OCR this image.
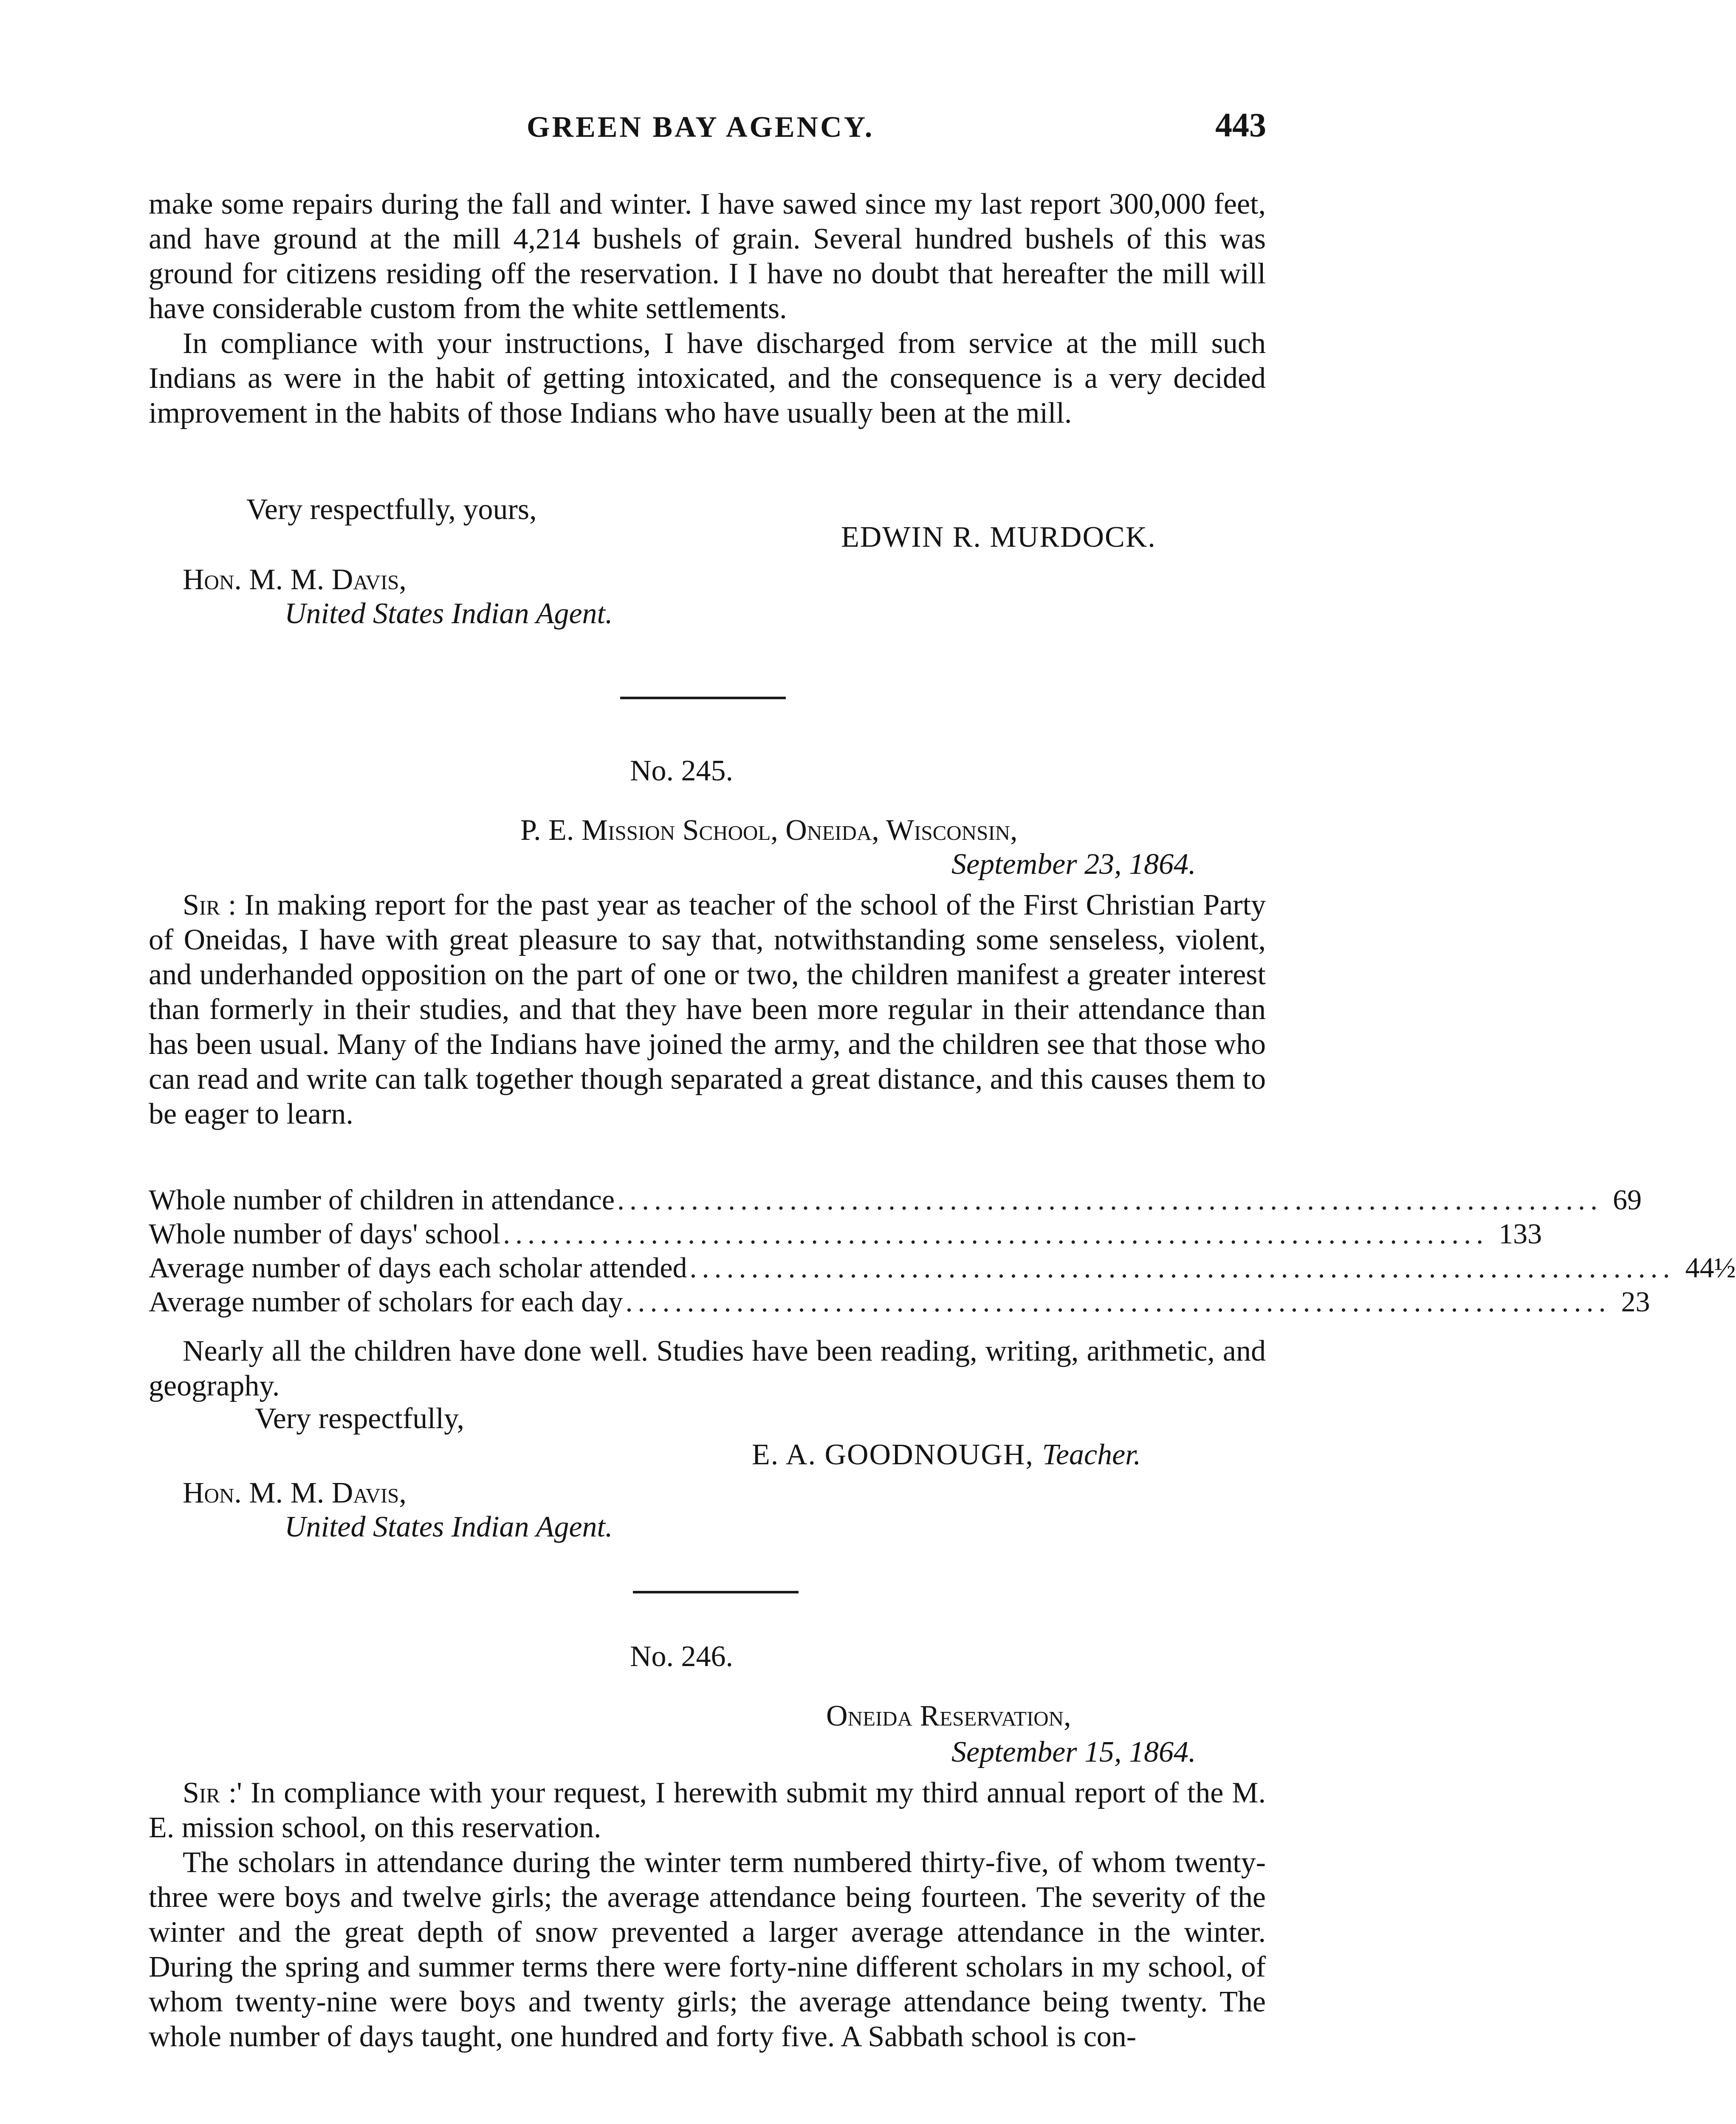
GREEN BAY AGENCY.	443

make some repairs during the fall and winter. I have sawed since my last report 300,000 feet, and have ground at the mill 4,214 bushels of grain. Several hundred bushels of this was ground for citizens residing off the reservation. I I have no doubt that hereafter the mill will have considerable custom from the white settlements.

In compliance with your instructions, I have discharged from service at the mill such Indians as were in the habit of getting intoxicated, and the consequence is a very decided improvement in the habits of those Indians who have usually been at the mill.

Very respectfully, yours,
EDWIN R. MURDOCK.
Hon. M. M. Davis,
United States Indian Agent.
No. 245.
P. E. Mission School, Oneida, Wisconsin,
September 23, 1864.

Sir : In making report for the past year as teacher of the school of the First Christian Party of Oneidas, I have with great pleasure to say that, notwithstanding some senseless, violent, and underhanded opposition on the part of one or two, the children manifest a greater interest than formerly in their studies, and that they have been more regular in their attendance than has been usual. Many of the Indians have joined the army, and the children see that those who can read and write can talk together though separated a great distance, and this causes them to be eager to learn.

Whole number of children in attendance ................................................................................ 69
Whole number of days' school ................................................................................ 133
Average number of days each scholar attended ................................................................................ 44½
Average number of scholars for each day ................................................................................ 23

Nearly all the children have done well. Studies have been reading, writing, arithmetic, and geography.

Very respectfully,
E. A. GOODNOUGH, Teacher.
Hon. M. M. Davis,
United States Indian Agent.
No. 246.
Oneida Reservation,
September 15, 1864.

Sir :' In compliance with your request, I herewith submit my third annual report of the M. E. mission school, on this reservation.

The scholars in attendance during the winter term numbered thirty-five, of whom twenty-three were boys and twelve girls; the average attendance being fourteen. The severity of the winter and the great depth of snow prevented a larger average attendance in the winter. During the spring and summer terms there were forty-nine different scholars in my school, of whom twenty-nine were boys and twenty girls; the average attendance being twenty. The whole number of days taught, one hundred and forty five. A Sabbath school is con-
